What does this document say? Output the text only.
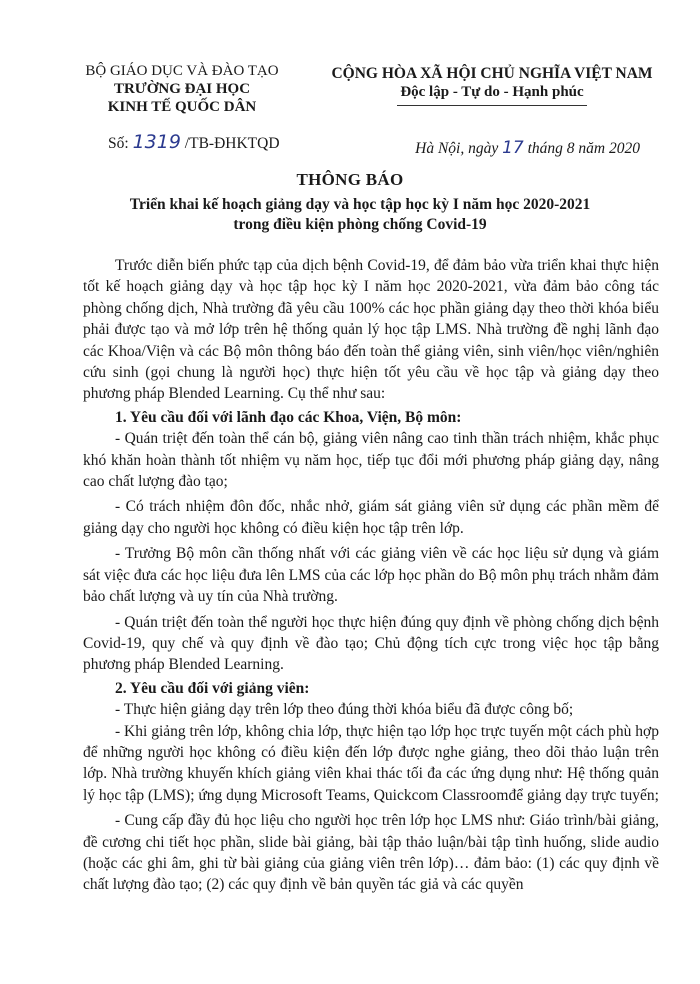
BỘ GIÁO DỤC VÀ ĐÀO TẠO
TRƯỜNG ĐẠI HỌC
KINH TẾ QUỐC DÂN
CỘNG HÒA XÃ HỘI CHỦ NGHĨA VIỆT NAM
Độc lập - Tự do - Hạnh phúc
Số: 1319 /TB-ĐHKTQD	Hà Nội, ngày 17 tháng 8 năm 2020
THÔNG BÁO
Triển khai kế hoạch giảng dạy và học tập học kỳ I năm học 2020-2021
trong điều kiện phòng chống Covid-19

Trước diễn biến phức tạp của dịch bệnh Covid-19, để đảm bảo vừa triển khai thực hiện tốt kế hoạch giảng dạy và học tập học kỳ I năm học 2020-2021, vừa đảm bảo công tác phòng chống dịch, Nhà trường đã yêu cầu 100% các học phần giảng dạy theo thời khóa biểu phải được tạo và mở lớp trên hệ thống quản lý học tập LMS. Nhà trường đề nghị lãnh đạo các Khoa/Viện và các Bộ môn thông báo đến toàn thể giảng viên, sinh viên/học viên/nghiên cứu sinh (gọi chung là người học) thực hiện tốt yêu cầu về học tập và giảng dạy theo phương pháp Blended Learning. Cụ thể như sau:

1. Yêu cầu đối với lãnh đạo các Khoa, Viện, Bộ môn:

- Quán triệt đến toàn thể cán bộ, giảng viên nâng cao tinh thần trách nhiệm, khắc phục khó khăn hoàn thành tốt nhiệm vụ năm học, tiếp tục đổi mới phương pháp giảng dạy, nâng cao chất lượng đào tạo;

- Có trách nhiệm đôn đốc, nhắc nhở, giám sát giảng viên sử dụng các phần mềm để giảng dạy cho người học không có điều kiện học tập trên lớp.

- Trưởng Bộ môn cần thống nhất với các giảng viên về các học liệu sử dụng và giám sát việc đưa các học liệu đưa lên LMS của các lớp học phần do Bộ môn phụ trách nhằm đảm bảo chất lượng và uy tín của Nhà trường.

- Quán triệt đến toàn thể người học thực hiện đúng quy định về phòng chống dịch bệnh Covid-19, quy chế và quy định về đào tạo; Chủ động tích cực trong việc học tập bằng phương pháp Blended Learning.

2. Yêu cầu đối với giảng viên:

- Thực hiện giảng dạy trên lớp theo đúng thời khóa biểu đã được công bố;

- Khi giảng trên lớp, không chia lớp, thực hiện tạo lớp học trực tuyến một cách phù hợp để những người học không có điều kiện đến lớp được nghe giảng, theo dõi thảo luận trên lớp. Nhà trường khuyến khích giảng viên khai thác tối đa các ứng dụng như: Hệ thống quản lý học tập (LMS); ứng dụng Microsoft Teams, Quickcom Classroomđể giảng dạy trực tuyến;

- Cung cấp đầy đủ học liệu cho người học trên lớp học LMS như: Giáo trình/bài giảng, đề cương chi tiết học phần, slide bài giảng, bài tập thảo luận/bài tập tình huống, slide audio (hoặc các ghi âm, ghi từ bài giảng của giảng viên trên lớp)… đảm bảo: (1) các quy định về chất lượng đào tạo; (2) các quy định về bản quyền tác giả và các quyền
